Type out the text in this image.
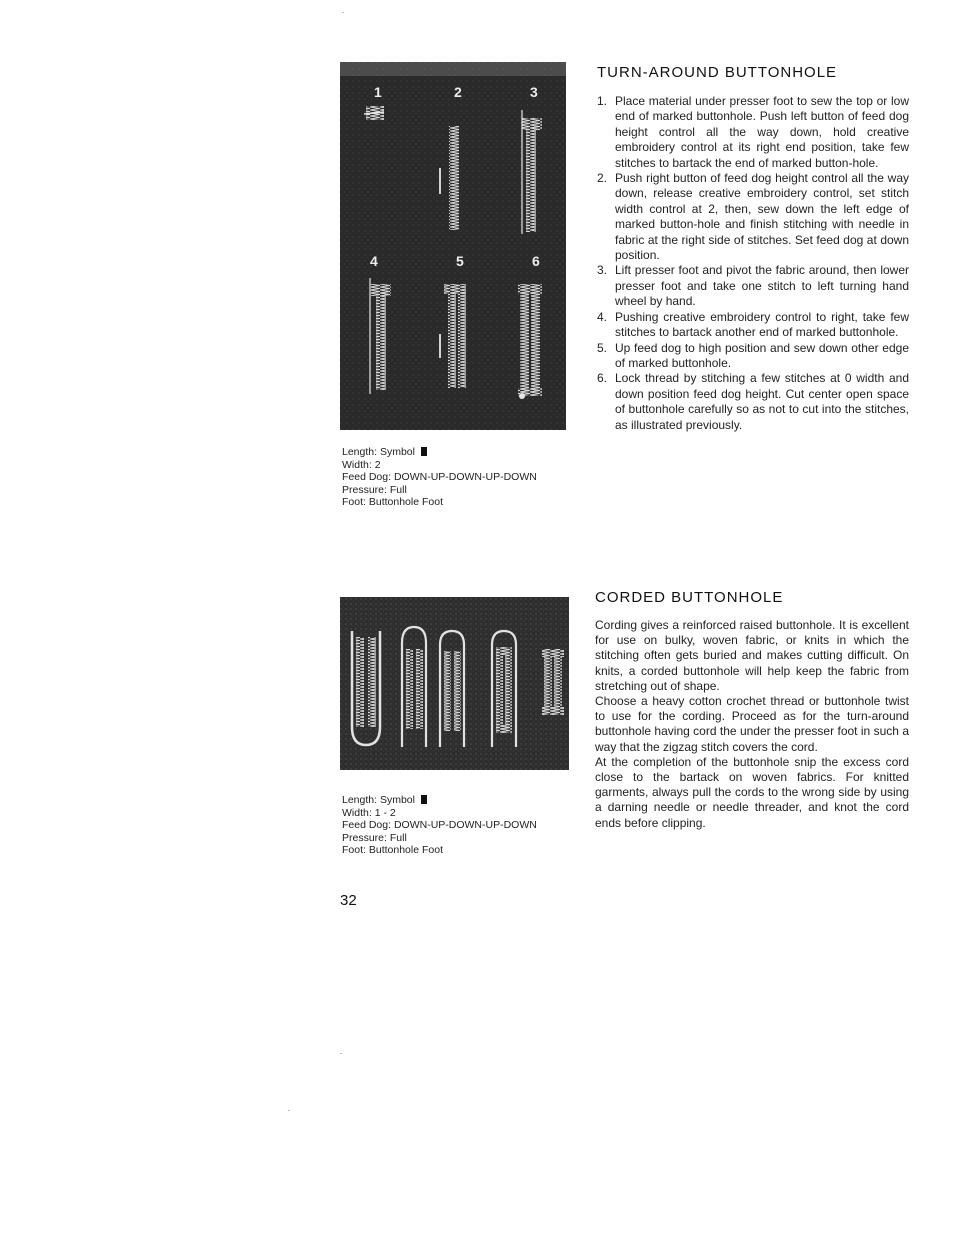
1	2	3
4	5	6
Length: Symbol
Width: 2
Feed Dog: DOWN-UP-DOWN-UP-DOWN
Pressure: Full
Foot: Buttonhole Foot
TURN-AROUND BUTTONHOLE
1. Place material under presser foot to sew the top or low end of marked buttonhole. Push left button of feed dog height control all the way down, hold creative embroidery control at its right end position, take few stitches to bartack the end of marked button-hole.
2. Push right button of feed dog height control all the way down, release creative embroidery control, set stitch width control at 2, then, sew down the left edge of marked button-hole and finish stitching with needle in fabric at the right side of stitches. Set feed dog at down position.
3. Lift presser foot and pivot the fabric around, then lower presser foot and take one stitch to left turning hand wheel by hand.
4. Pushing creative embroidery control to right, take few stitches to bartack another end of marked buttonhole.
5. Up feed dog to high position and sew down other edge of marked buttonhole.
6. Lock thread by stitching a few stitches at 0 width and down position feed dog height. Cut center open space of buttonhole carefully so as not to cut into the stitches, as illustrated previously.
Length: Symbol
Width: 1 - 2
Feed Dog: DOWN-UP-DOWN-UP-DOWN
Pressure: Full
Foot: Buttonhole Foot
CORDED BUTTONHOLE

Cording gives a reinforced raised buttonhole. It is excellent for use on bulky, woven fabric, or knits in which the stitching often gets buried and makes cutting difficult. On knits, a corded buttonhole will help keep the fabric from stretching out of shape.

Choose a heavy cotton crochet thread or buttonhole twist to use for the cording. Proceed as for the turn-around buttonhole having cord the under the presser foot in such a way that the zigzag stitch covers the cord.

At the completion of the buttonhole snip the excess cord close to the bartack on woven fabrics. For knitted garments, always pull the cords to the wrong side by using a darning needle or needle threader, and knot the cord ends before clipping.

32
